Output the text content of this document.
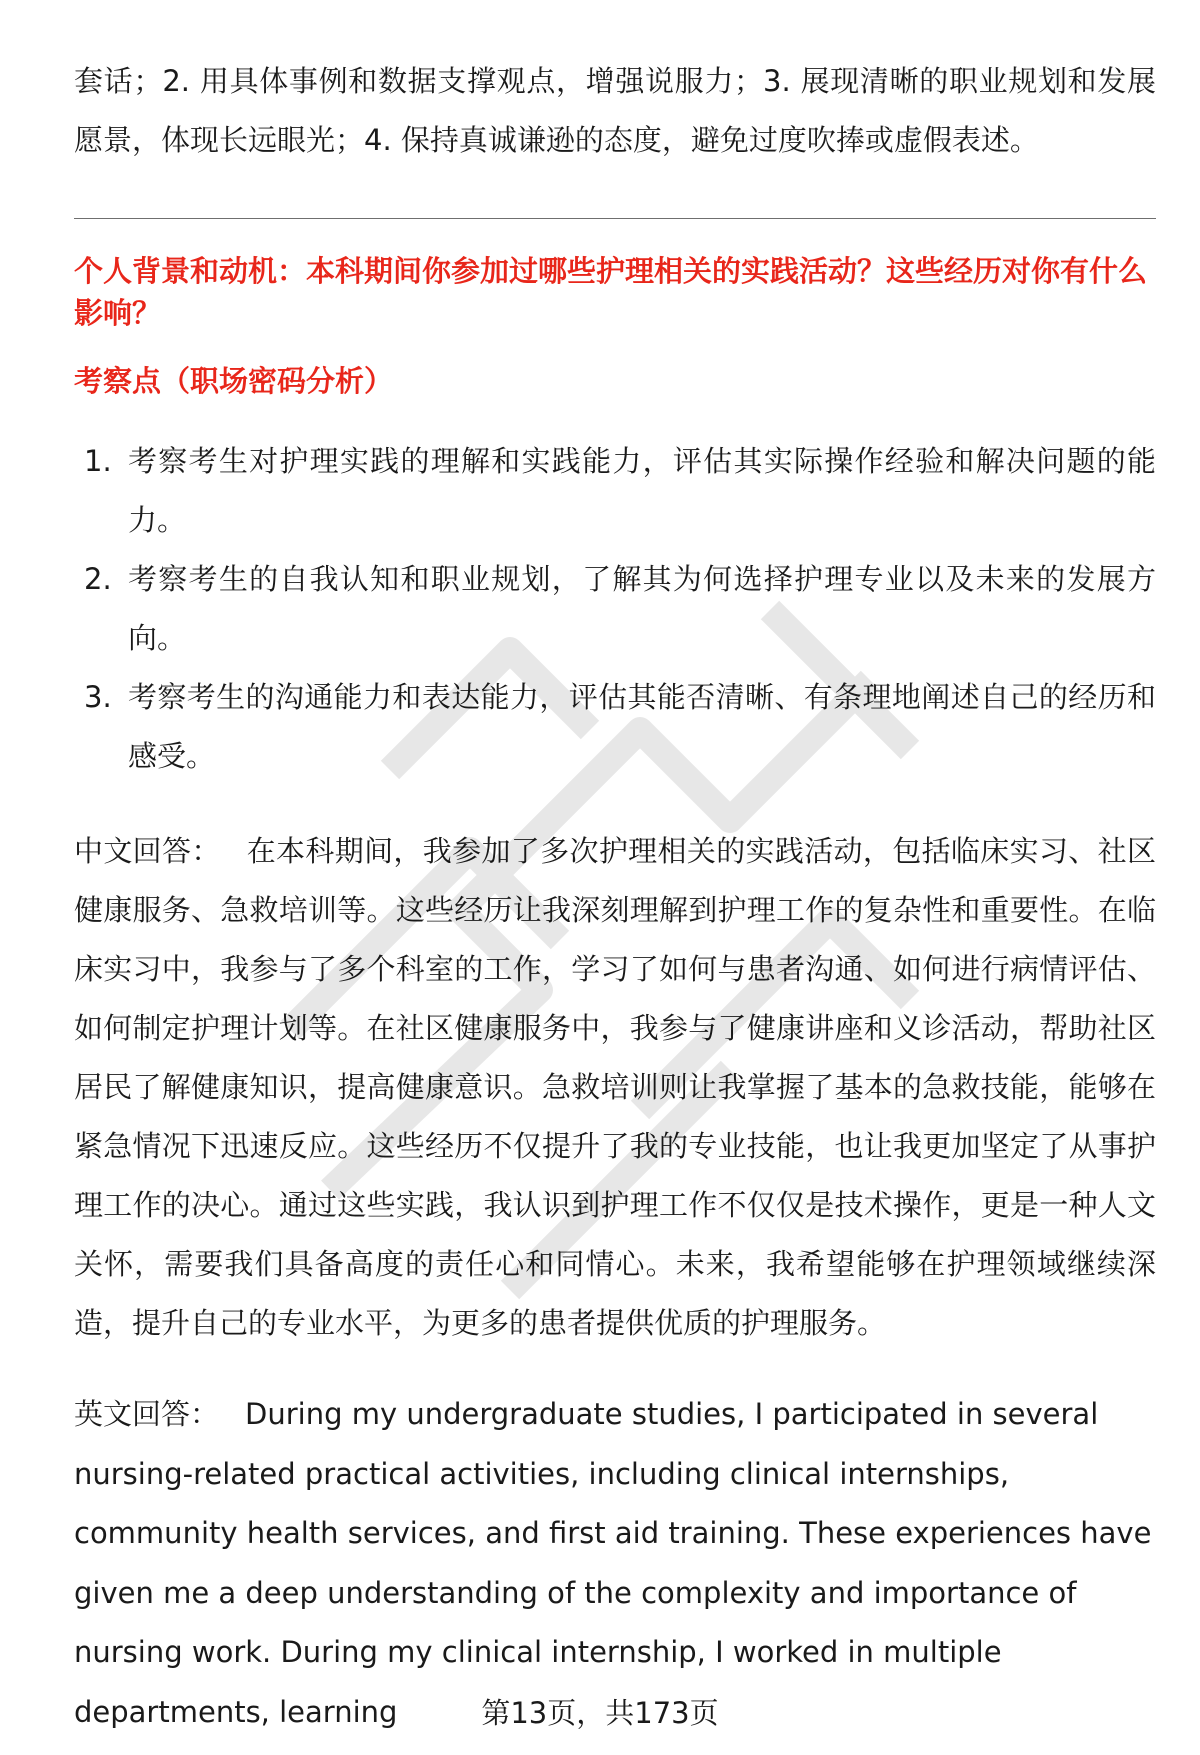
套话；2. 用具体事例和数据支撑观点，增强说服力；3. 展现清晰的职业规划和发展愿景，体现长远眼光；4. 保持真诚谦逊的态度，避免过度吹捧或虚假表述。

个人背景和动机：本科期间你参加过哪些护理相关的实践活动？这些经历对你有什么影响？

考察点（职场密码分析）

1. 考察考生对护理实践的理解和实践能力，评估其实际操作经验和解决问题的能力。
2. 考察考生的自我认知和职业规划，了解其为何选择护理专业以及未来的发展方向。
3. 考察考生的沟通能力和表达能力，评估其能否清晰、有条理地阐述自己的经历和感受。

中文回答： 在本科期间，我参加了多次护理相关的实践活动，包括临床实习、社区健康服务、急救培训等。这些经历让我深刻理解到护理工作的复杂性和重要性。在临床实习中，我参与了多个科室的工作，学习了如何与患者沟通、如何进行病情评估、如何制定护理计划等。在社区健康服务中，我参与了健康讲座和义诊活动，帮助社区居民了解健康知识，提高健康意识。急救培训则让我掌握了基本的急救技能，能够在紧急情况下迅速反应。这些经历不仅提升了我的专业技能，也让我更加坚定了从事护理工作的决心。通过这些实践，我认识到护理工作不仅仅是技术操作，更是一种人文关怀，需要我们具备高度的责任心和同情心。未来，我希望能够在护理领域继续深造，提升自己的专业水平，为更多的患者提供优质的护理服务。

英文回答： During my undergraduate studies, I participated in several nursing-related practical activities, including clinical internships, community health services, and first aid training. These experiences have given me a deep understanding of the complexity and importance of nursing work. During my clinical internship, I worked in multiple departments, learning	第13页，共173页
